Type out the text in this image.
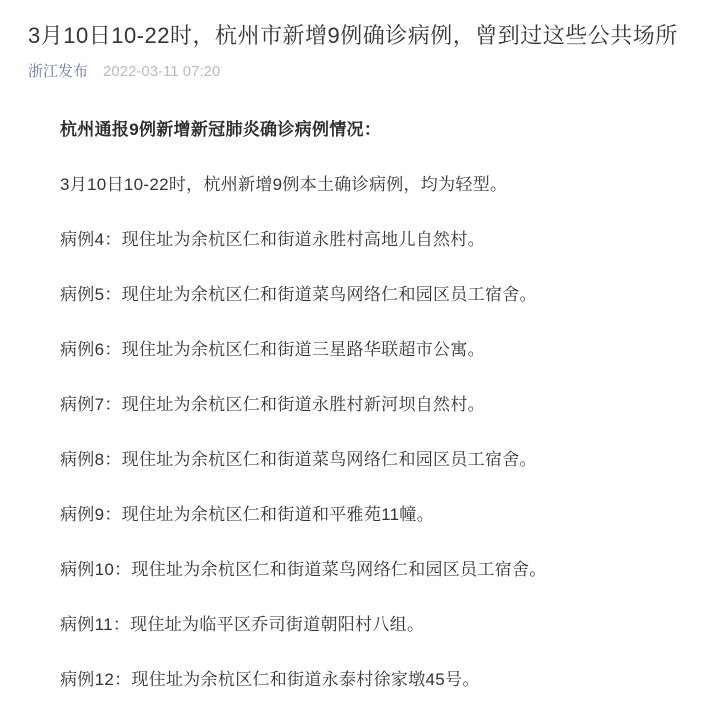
3月10日10-22时，杭州市新增9例确诊病例，曾到过这些公共场所
浙江发布 2022-03-11 07:20

杭州通报9例新增新冠肺炎确诊病例情况：

3月10日10-22时，杭州新增9例本土确诊病例，均为轻型。

病例4：现住址为余杭区仁和街道永胜村高地儿自然村。

病例5：现住址为余杭区仁和街道菜鸟网络仁和园区员工宿舍。

病例6：现住址为余杭区仁和街道三星路华联超市公寓。

病例7：现住址为余杭区仁和街道永胜村新河坝自然村。

病例8：现住址为余杭区仁和街道菜鸟网络仁和园区员工宿舍。

病例9：现住址为余杭区仁和街道和平雅苑11幢。

病例10：现住址为余杭区仁和街道菜鸟网络仁和园区员工宿舍。

病例11：现住址为临平区乔司街道朝阳村八组。

病例12：现住址为余杭区仁和街道永泰村徐家墩45号。
